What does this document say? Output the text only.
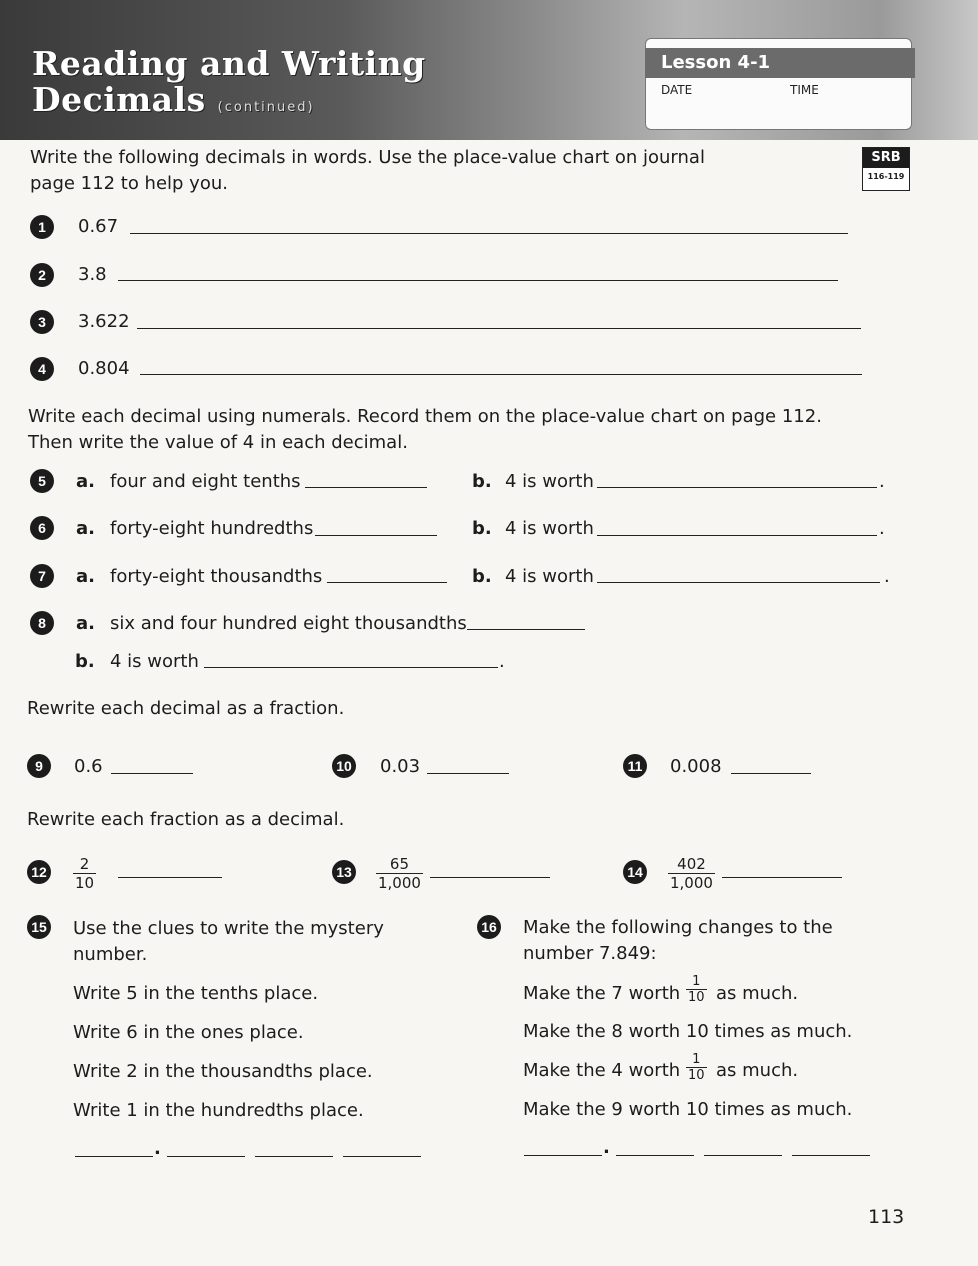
Reading and Writing
Decimals (continued)
Lesson 4-1
DATE	TIME
SRB
116-119
Write the following decimals in words. Use the place-value chart on journal
page 112 to help you.
1	0.67
2	3.8
3	3.622
4	0.804
Write each decimal using numerals. Record them on the place-value chart on page 112.
Then write the value of 4 in each decimal.
5	a. four and eight tenths	b. 4 is worth	.
6	a. forty-eight hundredths	b. 4 is worth	.
7	a. forty-eight thousandths	b. 4 is worth	.
8	a. six and four hundred eight thousandths
b. 4 is worth	.
Rewrite each decimal as a fraction.
9	0.6	10 0.03	11 0.008
Rewrite each fraction as a decimal.
$12 \frac{2}{10}$	$13 \frac{65}{1,000}$	$14 \frac{402}{1,000}$
15 Use the clues to write the mystery
number.
Write 5 in the tenths place.
Write 6 in the ones place.
Write 2 in the thousandths place.
Write 1 in the hundredths place.
.
16 Make the following changes to the
number 7.849:
Make the 7 worth $\frac{1}{10}$ as much.
Make the 8 worth 10 times as much.
Make the 4 worth $\frac{1}{10}$ as much.
Make the 9 worth 10 times as much.
.
113
